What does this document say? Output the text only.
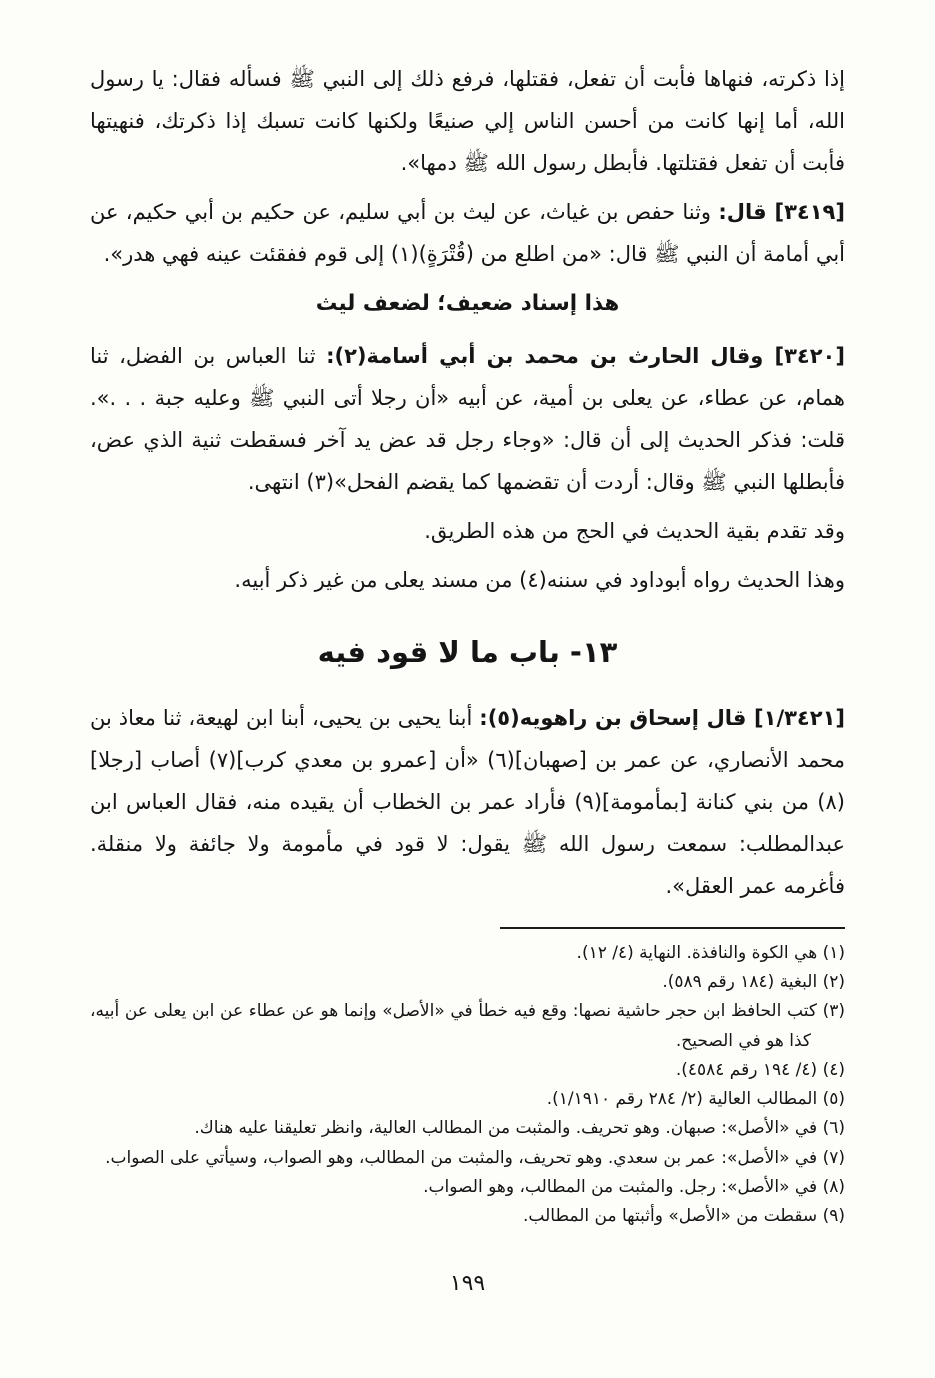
إذا ذكرته، فنهاها فأبت أن تفعل، فقتلها، فرفع ذلك إلى النبي ﷺ فسأله فقال: يا رسول الله، أما إنها كانت من أحسن الناس إلي صنيعًا ولكنها كانت تسبك إذا ذكرتك، فنهيتها فأبت أن تفعل فقتلتها. فأبطل رسول الله ﷺ دمها».

[٣٤١٩] قال: وثنا حفص بن غياث، عن ليث بن أبي سليم، عن حكيم بن أبي حكيم، عن أبي أمامة أن النبي ﷺ قال: «من اطلع من (قُتْرَةٍ)(١) إلى قوم ففقئت عينه فهي هدر».

هذا إسناد ضعيف؛ لضعف ليث

[٣٤٢٠] وقال الحارث بن محمد بن أبي أسامة(٢): ثنا العباس بن الفضل، ثنا همام، عن عطاء، عن يعلى بن أمية، عن أبيه «أن رجلا أتى النبي ﷺ وعليه جبة . . .». قلت: فذكر الحديث إلى أن قال: «وجاء رجل قد عض يد آخر فسقطت ثنية الذي عض، فأبطلها النبي ﷺ وقال: أردت أن تقضمها كما يقضم الفحل»(٣) انتهى.

وقد تقدم بقية الحديث في الحج من هذه الطريق.

وهذا الحديث رواه أبوداود في سننه(٤) من مسند يعلى من غير ذكر أبيه.

١٣- باب ما لا قود فيه

[١/٣٤٢١] قال إسحاق بن راهويه(٥): أبنا يحيى بن يحيى، أبنا ابن لهيعة، ثنا معاذ بن محمد الأنصاري، عن عمر بن [صهبان](٦) «أن [عمرو بن معدي كرب](٧) أصاب [رجلا](٨) من بني كنانة [بمأمومة](٩) فأراد عمر بن الخطاب أن يقيده منه، فقال العباس ابن عبدالمطلب: سمعت رسول الله ﷺ يقول: لا قود في مأمومة ولا جائفة ولا منقلة. فأغرمه عمر العقل».

(١) هي الكوة والنافذة. النهاية (٤/ ١٢).

(٢) البغية (١٨٤ رقم ٥٨٩).

(٣) كتب الحافظ ابن حجر حاشية نصها: وقع فيه خطأ في «الأصل» وإنما هو عن عطاء عن ابن يعلى عن أبيه، كذا هو في الصحيح.

(٤) (٤/ ١٩٤ رقم ٤٥٨٤).

(٥) المطالب العالية (٢/ ٢٨٤ رقم ١/١٩١٠).

(٦) في «الأصل»: صبهان. وهو تحريف. والمثبت من المطالب العالية، وانظر تعليقنا عليه هناك.

(٧) في «الأصل»: عمر بن سعدي. وهو تحريف، والمثبت من المطالب، وهو الصواب، وسيأتي على الصواب.

(٨) في «الأصل»: رجل. والمثبت من المطالب، وهو الصواب.

(٩) سقطت من «الأصل» وأثبتها من المطالب.

١٩٩
